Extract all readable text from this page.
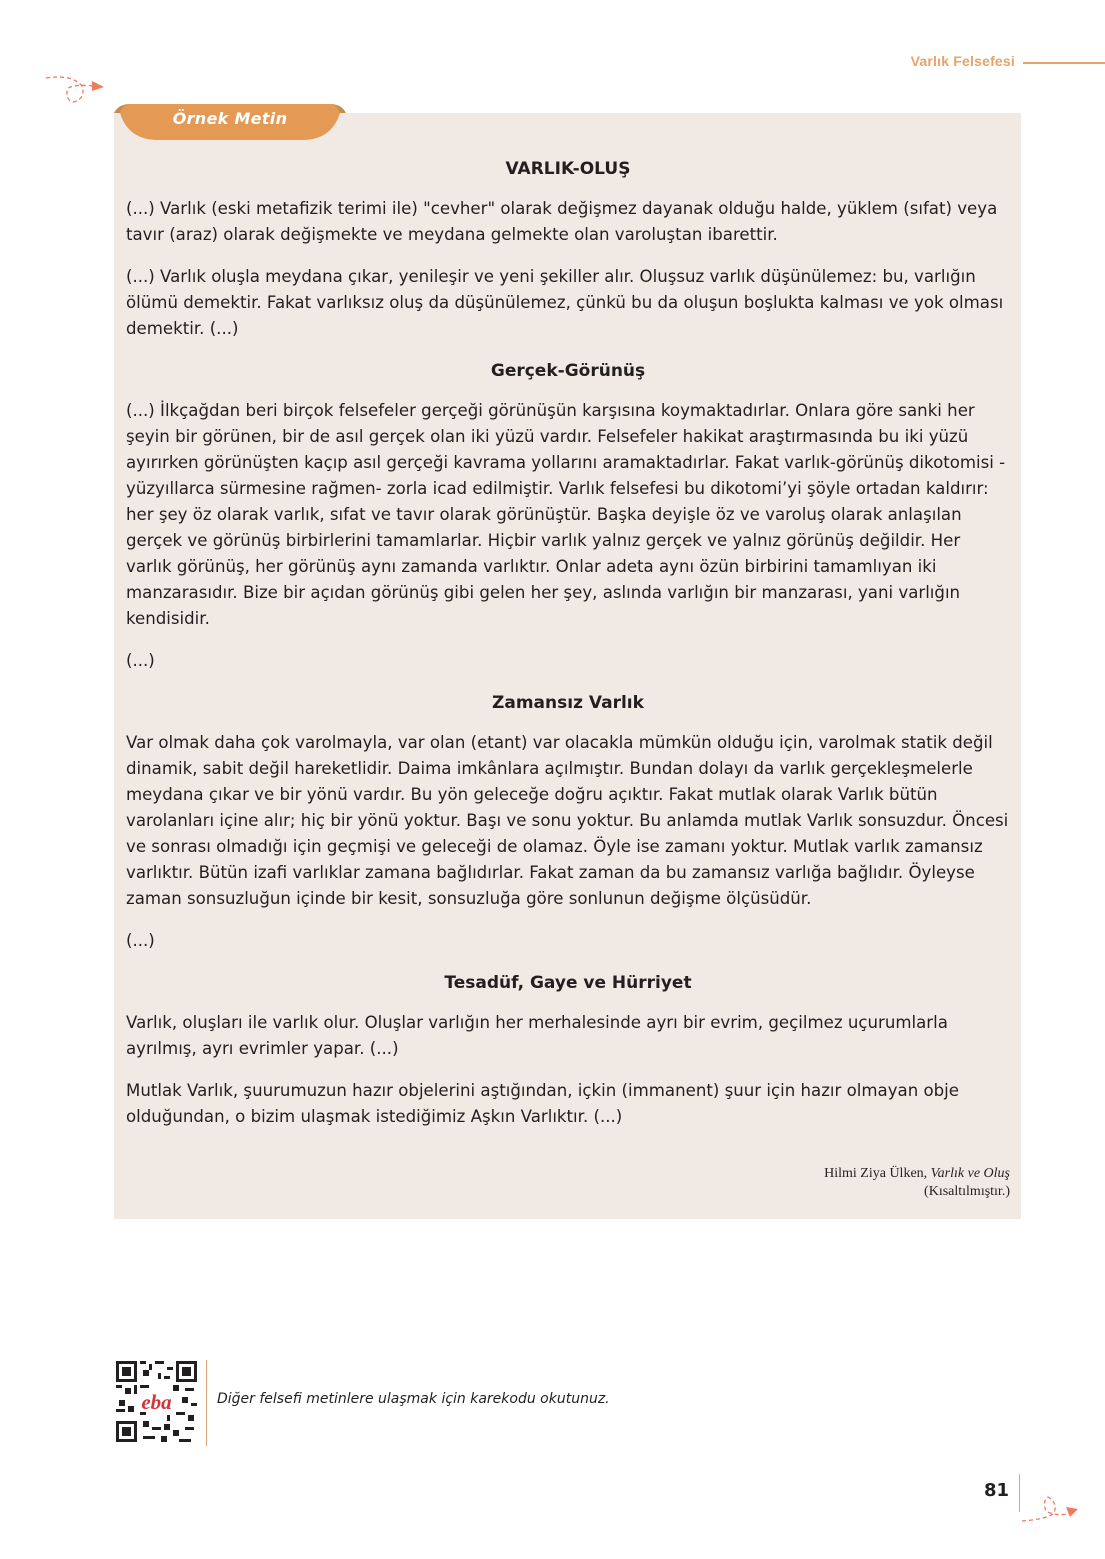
Varlık Felsefesi
Örnek Metin
VARLIK-OLUŞ

(...) Varlık (eski metafizik terimi ile) "cevher" olarak değişmez dayanak olduğu halde, yüklem (sıfat) veya tavır (araz) olarak değişmekte ve meydana gelmekte olan varoluştan ibarettir.

(...) Varlık oluşla meydana çıkar, yenileşir ve yeni şekiller alır. Oluşsuz varlık düşünülemez: bu, varlığın ölümü demektir. Fakat varlıksız oluş da düşünülemez, çünkü bu da oluşun boşlukta kalması ve yok olması demektir. (...)

Gerçek-Görünüş

(...) İlkçağdan beri birçok felsefeler gerçeği görünüşün karşısına koymaktadırlar. Onlara göre sanki her şeyin bir görünen, bir de asıl gerçek olan iki yüzü vardır. Felsefeler hakikat araştırmasında bu iki yüzü ayırırken görünüşten kaçıp asıl gerçeği kavrama yollarını aramaktadırlar. Fakat varlık-görünüş dikotomisi -yüzyıllarca sürmesine rağmen- zorla icad edilmiştir. Varlık felsefesi bu dikotomi’yi şöyle ortadan kaldırır: her şey öz olarak varlık, sıfat ve tavır olarak görünüştür. Başka deyişle öz ve varoluş olarak anlaşılan gerçek ve görünüş birbirlerini tamamlarlar. Hiçbir varlık yalnız gerçek ve yalnız görünüş değildir. Her varlık görünüş, her görünüş aynı zamanda varlıktır. Onlar adeta aynı özün birbirini tamamlıyan iki manzarasıdır. Bize bir açıdan görünüş gibi gelen her şey, aslında varlığın bir manzarası, yani varlığın kendisidir.

(...)

Zamansız Varlık

Var olmak daha çok varolmayla, var olan (etant) var olacakla mümkün olduğu için, varolmak statik değil dinamik, sabit değil hareketlidir. Daima imkânlara açılmıştır. Bundan dolayı da varlık gerçekleşmelerle meydana çıkar ve bir yönü vardır. Bu yön geleceğe doğru açıktır. Fakat mutlak olarak Varlık bütün varolanları içine alır; hiç bir yönü yoktur. Başı ve sonu yoktur. Bu anlamda mutlak Varlık sonsuzdur. Öncesi ve sonrası olmadığı için geçmişi ve geleceği de olamaz. Öyle ise zamanı yoktur. Mutlak varlık zamansız varlıktır. Bütün izafi varlıklar zamana bağlıdırlar. Fakat zaman da bu zamansız varlığa bağlıdır. Öyleyse zaman sonsuzluğun içinde bir kesit, sonsuzluğa göre sonlunun değişme ölçüsüdür.

(...)

Tesadüf, Gaye ve Hürriyet

Varlık, oluşları ile varlık olur. Oluşlar varlığın her merhalesinde ayrı bir evrim, geçilmez uçurumlarla ayrılmış, ayrı evrimler yapar. (...)

Mutlak Varlık, şuurumuzun hazır objelerini aştığından, içkin (immanent) şuur için hazır olmayan obje olduğundan, o bizim ulaşmak istediğimiz Aşkın Varlıktır. (...)

Hilmi Ziya Ülken, Varlık ve Oluş
(Kısaltılmıştır.)
eba	Diğer felsefi metinlere ulaşmak için karekodu okutunuz.
81
